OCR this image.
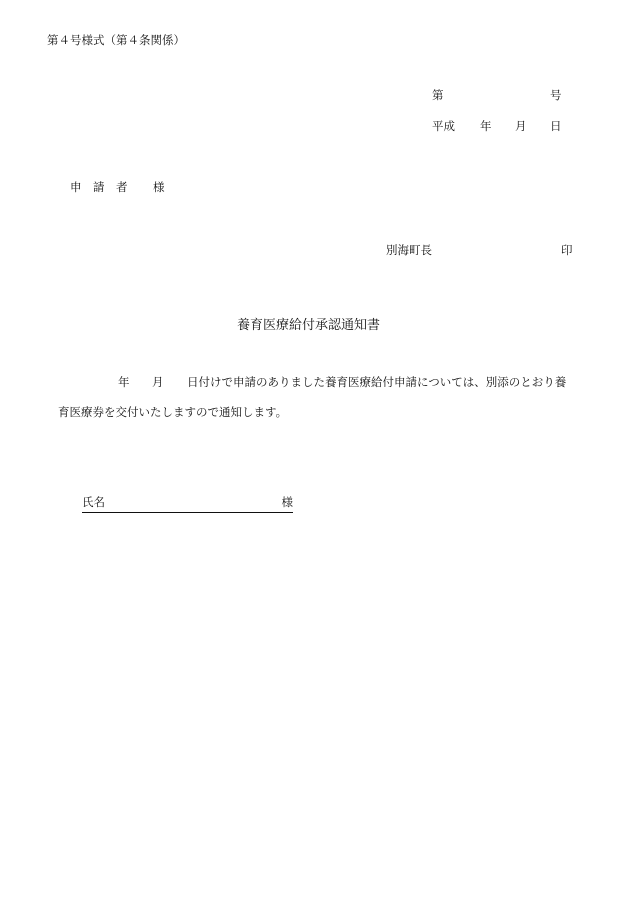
第４号様式（第４条関係）
第	号
平成 年 月 日
申　請　者 様
別海町長	印
養育医療給付承認通知書
年 月 日付けで申請のありました養育医療給付申請については、別添のとおり養
育医療券を交付いたしますので通知します。
氏名	様
